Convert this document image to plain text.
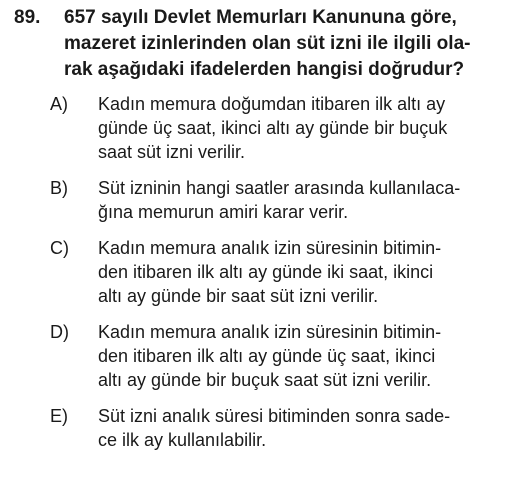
89.	657 sayılı Devlet Memurları Kanununa göre,
mazeret izinlerinden olan süt izni ile ilgili ola-
rak aşağıdaki ifadelerden hangisi doğrudur?
A)	Kadın memura doğumdan itibaren ilk altı ay
günde üç saat, ikinci altı ay günde bir buçuk
saat süt izni verilir.
B)	Süt izninin hangi saatler arasında kullanılaca-
ğına memurun amiri karar verir.
C)	Kadın memura analık izin süresinin bitimin-
den itibaren ilk altı ay günde iki saat, ikinci
altı ay günde bir saat süt izni verilir.
D)	Kadın memura analık izin süresinin bitimin-
den itibaren ilk altı ay günde üç saat, ikinci
altı ay günde bir buçuk saat süt izni verilir.
E)	Süt izni analık süresi bitiminden sonra sade-
ce ilk ay kullanılabilir.
